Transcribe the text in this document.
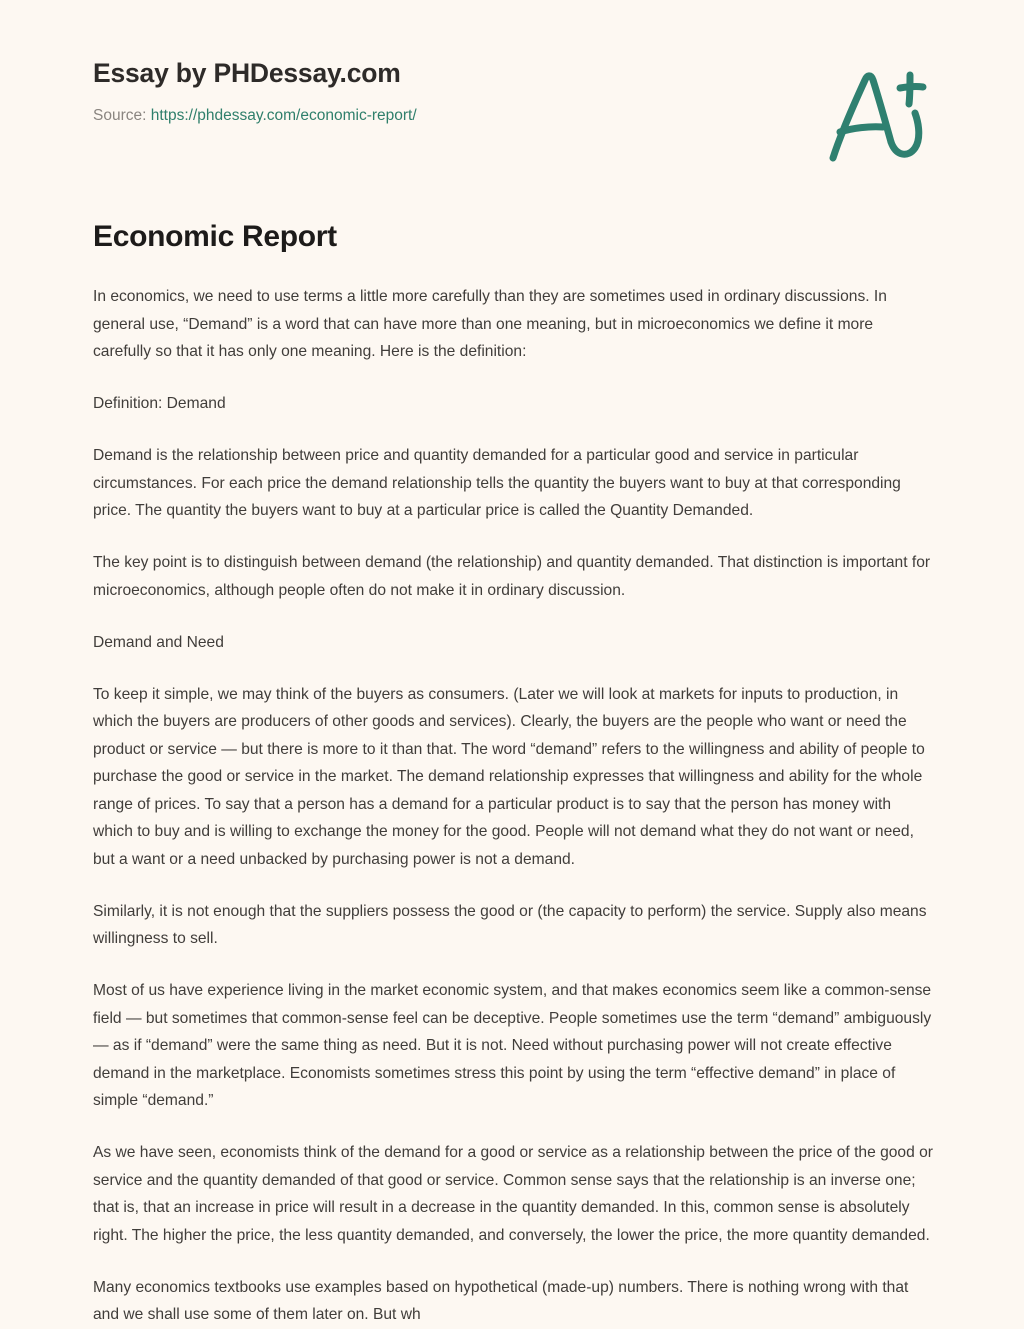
Essay by PHDessay.com
Source: https://phdessay.com/economic-report/
Economic Report

In economics, we need to use terms a little more carefully than they are sometimes used in ordinary discussions. In general use, “Demand” is a word that can have more than one meaning, but in microeconomics we define it more carefully so that it has only one meaning. Here is the definition:

Definition: Demand

Demand is the relationship between price and quantity demanded for a particular good and service in particular circumstances. For each price the demand relationship tells the quantity the buyers want to buy at that corresponding price. The quantity the buyers want to buy at a particular price is called the Quantity Demanded.

The key point is to distinguish between demand (the relationship) and quantity demanded. That distinction is important for microeconomics, although people often do not make it in ordinary discussion.

Demand and Need

To keep it simple, we may think of the buyers as consumers. (Later we will look at markets for inputs to production, in which the buyers are producers of other goods and services). Clearly, the buyers are the people who want or need the product or service — but there is more to it than that. The word “demand” refers to the willingness and ability of people to purchase the good or service in the market. The demand relationship expresses that willingness and ability for the whole range of prices. To say that a person has a demand for a particular product is to say that the person has money with which to buy and is willing to exchange the money for the good. People will not demand what they do not want or need, but a want or a need unbacked by purchasing power is not a demand.

Similarly, it is not enough that the suppliers possess the good or (the capacity to perform) the service. Supply also means willingness to sell.

Most of us have experience living in the market economic system, and that makes economics seem like a common-sense field — but sometimes that common-sense feel can be deceptive. People sometimes use the term “demand” ambiguously — as if “demand” were the same thing as need. But it is not. Need without purchasing power will not create effective demand in the marketplace. Economists sometimes stress this point by using the term “effective demand” in place of simple “demand.”

As we have seen, economists think of the demand for a good or service as a relationship between the price of the good or service and the quantity demanded of that good or service. Common sense says that the relationship is an inverse one; that is, that an increase in price will result in a decrease in the quantity demanded. In this, common sense is absolutely right. The higher the price, the less quantity demanded, and conversely, the lower the price, the more quantity demanded.

Many economics textbooks use examples based on hypothetical (made-up) numbers. There is nothing wrong with that and we shall use some of them later on. But wh
